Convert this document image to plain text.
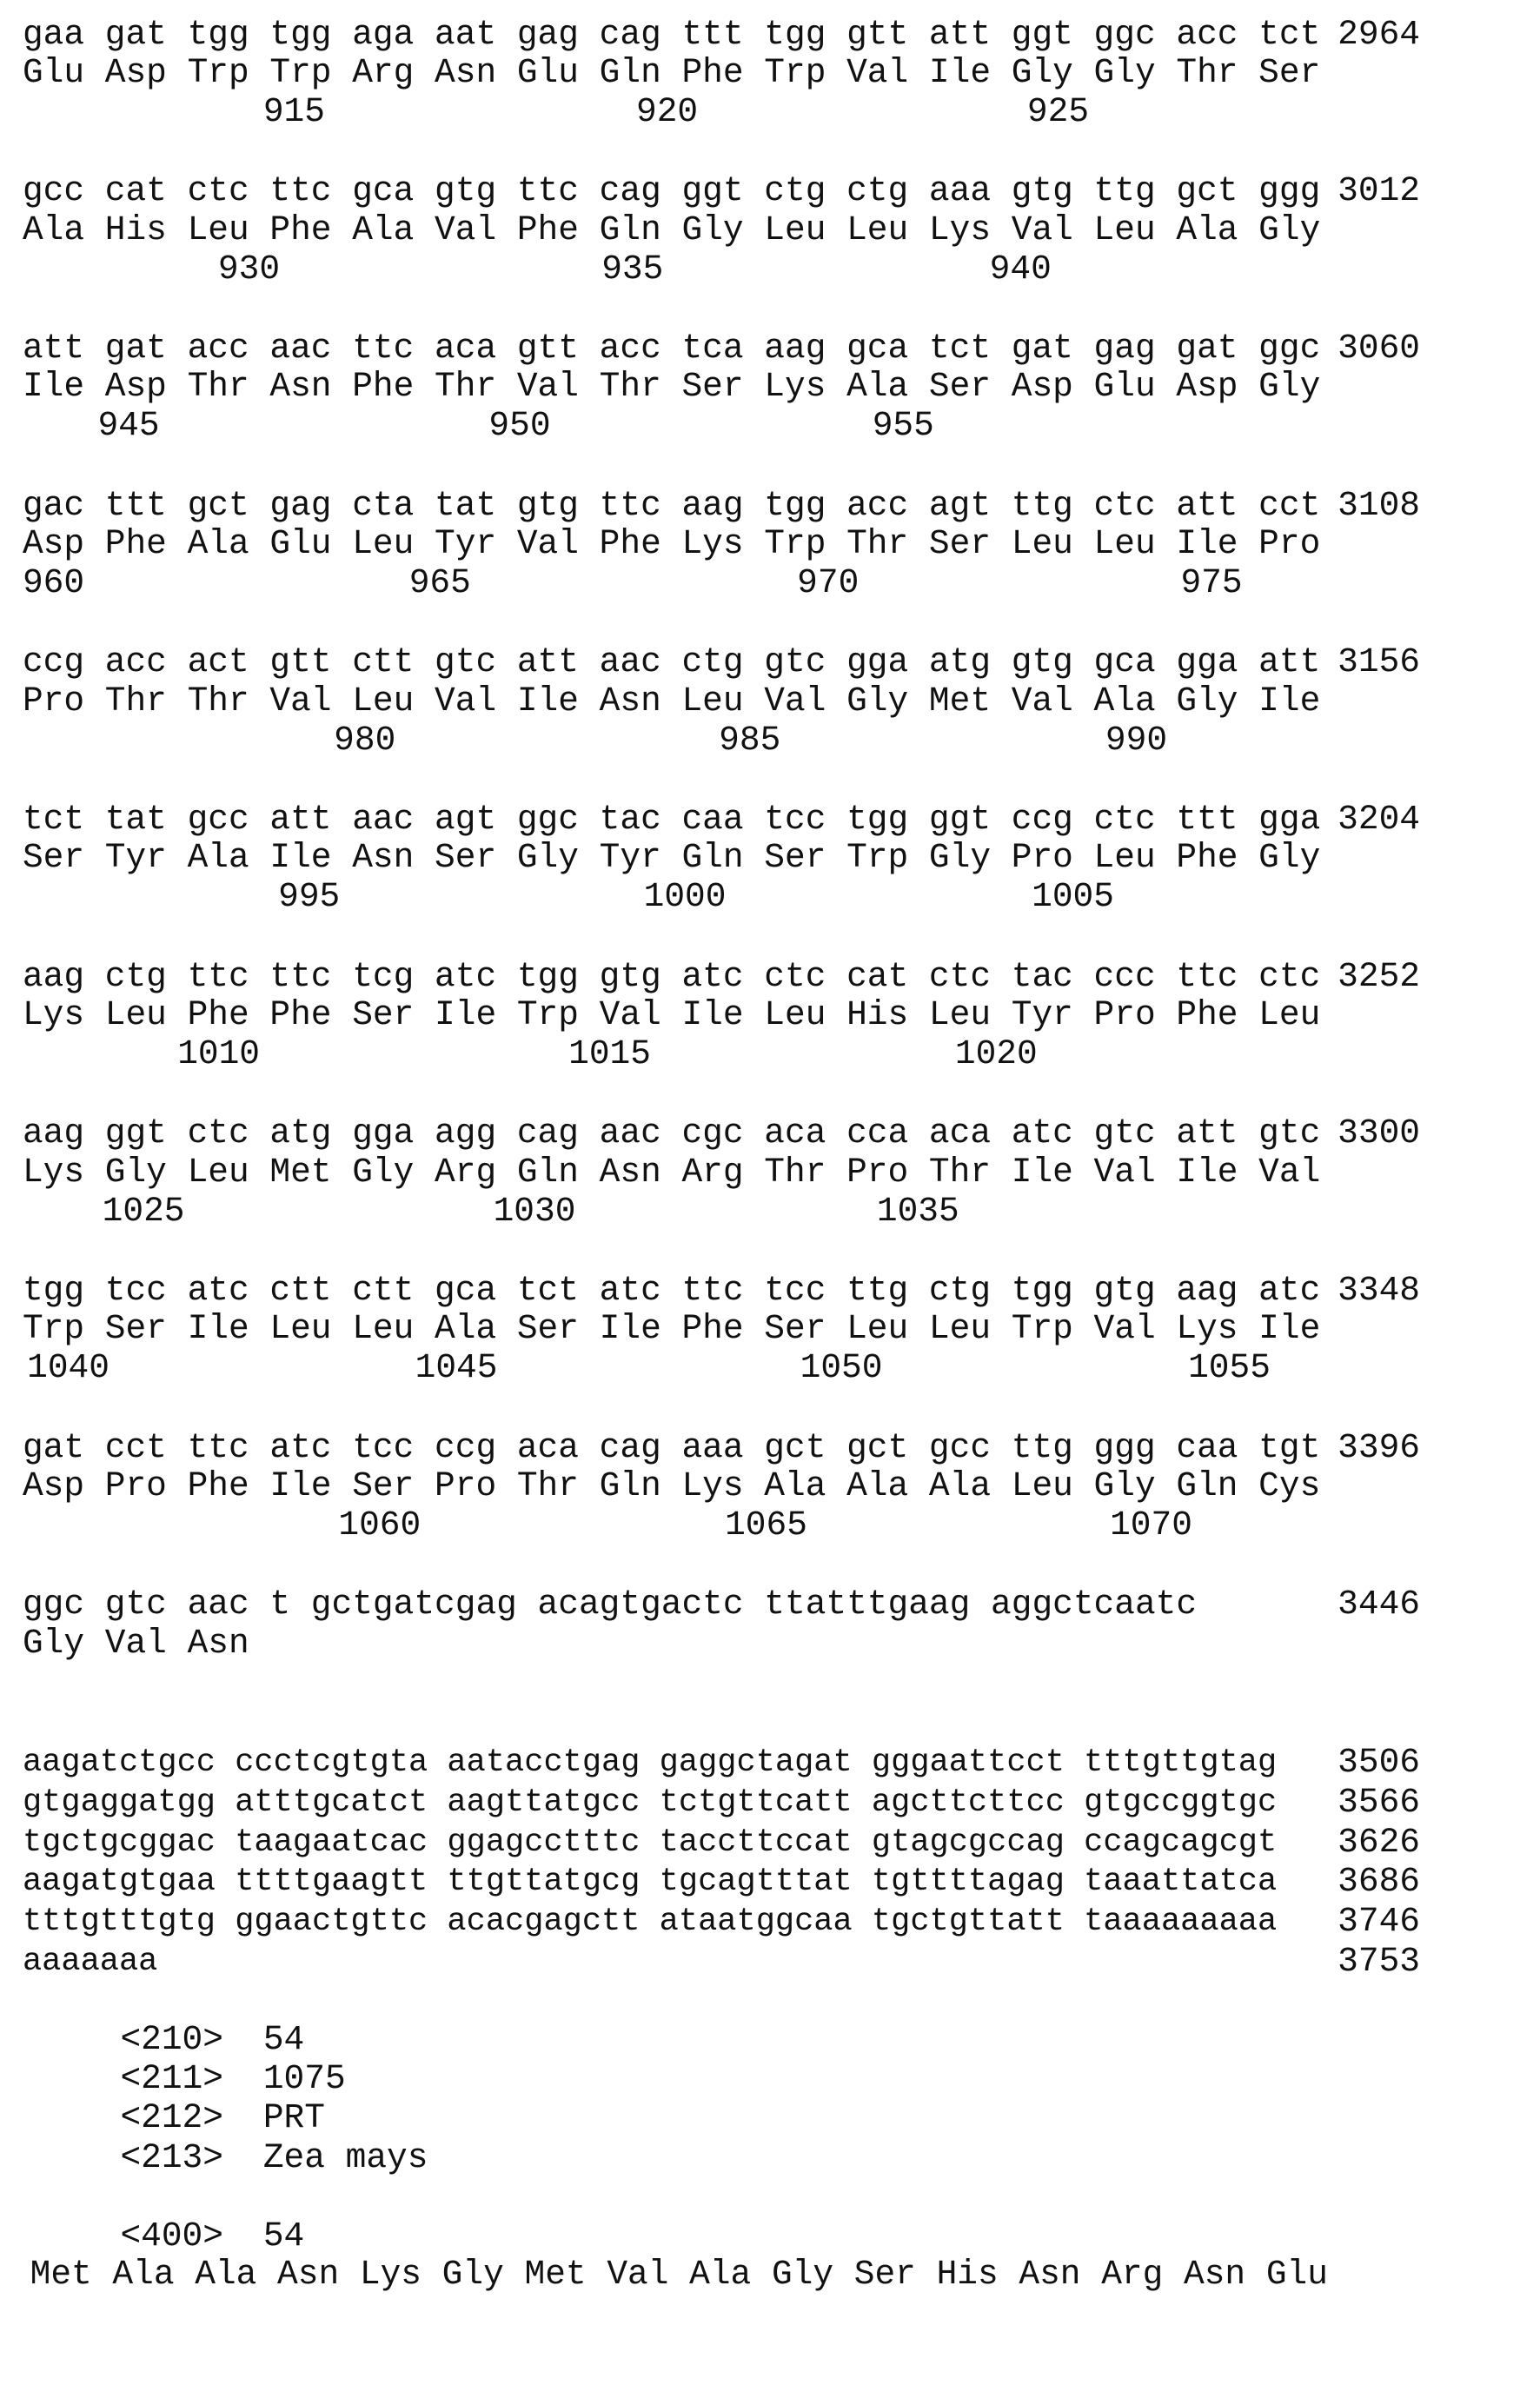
gaa gat tgg tgg aga aat gag cag ttt tgg gtt att ggt ggc acc tct 2964
Glu Asp Trp Trp Arg Asn Glu Gln Phe Trp Val Ile Gly Gly Thr Ser
915	920	925
gcc cat ctc ttc gca gtg ttc cag ggt ctg ctg aaa gtg ttg gct ggg 3012
Ala His Leu Phe Ala Val Phe Gln Gly Leu Leu Lys Val Leu Ala Gly
930	935	940
att gat acc aac ttc aca gtt acc tca aag gca tct gat gag gat ggc 3060
Ile Asp Thr Asn Phe Thr Val Thr Ser Lys Ala Ser Asp Glu Asp Gly
945	950	955
gac ttt gct gag cta tat gtg ttc aag tgg acc agt ttg ctc att cct 3108
Asp Phe Ala Glu Leu Tyr Val Phe Lys Trp Thr Ser Leu Leu Ile Pro
960	965	970	975
ccg acc act gtt ctt gtc att aac ctg gtc gga atg gtg gca gga att 3156
Pro Thr Thr Val Leu Val Ile Asn Leu Val Gly Met Val Ala Gly Ile
980	985	990
tct tat gcc att aac agt ggc tac caa tcc tgg ggt ccg ctc ttt gga 3204
Ser Tyr Ala Ile Asn Ser Gly Tyr Gln Ser Trp Gly Pro Leu Phe Gly
995	1000	1005
aag ctg ttc ttc tcg atc tgg gtg atc ctc cat ctc tac ccc ttc ctc 3252
Lys Leu Phe Phe Ser Ile Trp Val Ile Leu His Leu Tyr Pro Phe Leu
1010	1015	1020
aag ggt ctc atg gga agg cag aac cgc aca cca aca atc gtc att gtc 3300
Lys Gly Leu Met Gly Arg Gln Asn Arg Thr Pro Thr Ile Val Ile Val
1025	1030	1035
tgg tcc atc ctt ctt gca tct atc ttc tcc ttg ctg tgg gtg aag atc 3348
Trp Ser Ile Leu Leu Ala Ser Ile Phe Ser Leu Leu Trp Val Lys Ile
1040	1045	1050	1055
gat cct ttc atc tcc ccg aca cag aaa gct gct gcc ttg ggg caa tgt 3396
Asp Pro Phe Ile Ser Pro Thr Gln Lys Ala Ala Ala Leu Gly Gln Cys
1060	1065	1070
ggc gtc aac t gctgatcgag acagtgactc ttatttgaag aggctcaatc	3446
Gly Val Asn
aagatctgcc ccctcgtgta aatacctgag gaggctagat gggaattcct tttgttgtag 3506
gtgaggatgg atttgcatct aagttatgcc tctgttcatt agcttcttcc gtgccggtgc 3566
tgctgcggac taagaatcac ggagcctttc taccttccat gtagcgccag ccagcagcgt 3626
aagatgtgaa ttttgaagtt ttgttatgcg tgcagtttat tgttttagag taaattatca 3686
tttgtttgtg ggaactgttc acacgagctt ataatggcaa tgctgttatt taaaaaaaaa 3746
aaaaaaa	3753
<210> 54
<211> 1075
<212> PRT
<213> Zea mays
<400> 54
Met Ala Ala Asn Lys Gly Met Val Ala Gly Ser His Asn Arg Asn Glu
